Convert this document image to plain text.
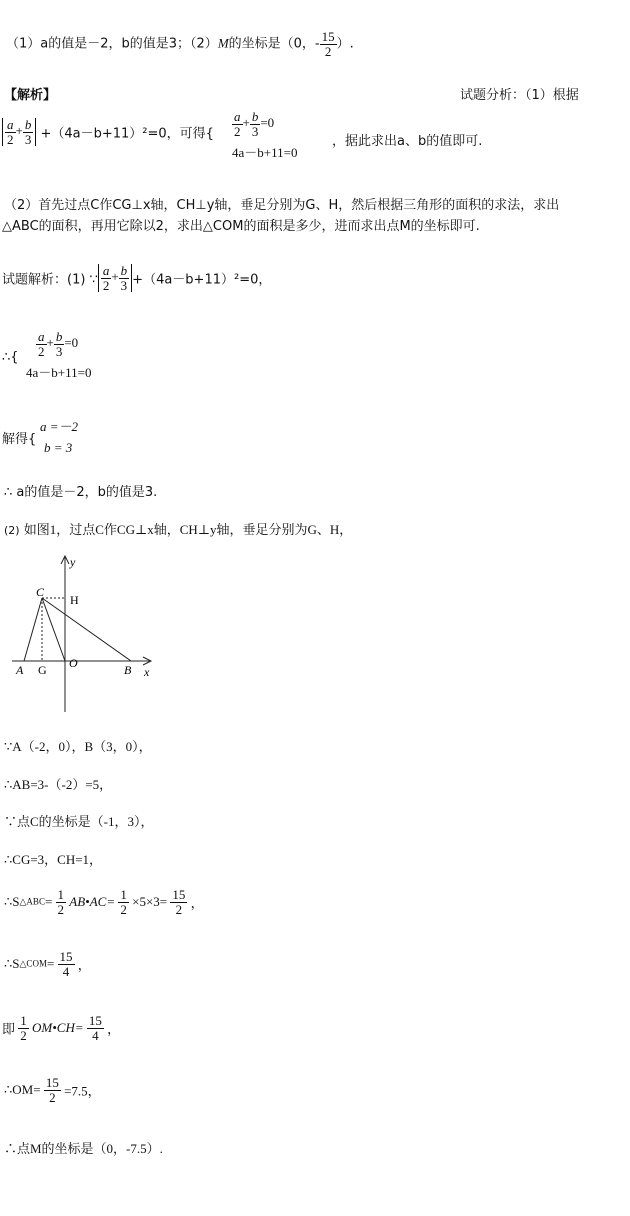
（1）a的值是－2，b的值是3；（2）M的坐标是（0，- $\frac{15}{2}$ ）.
【解析】	试题分析：（1）根据
$\frac{a}{2} + \frac{b}{3} +(4a-b+11)^2=0$，可得{ $\frac{a}{2} + \frac{b}{3} =0$
4a－b+11=0
，据此求出a、b的值即可.
（2）首先过点C作CG⊥x轴，CH⊥y轴，垂足分别为G、H，然后根据三角形的面积的求法，求出
△ABC的面积，再用它除以2，求出△COM的面积是多少，进而求出点M的坐标即可.
试题解析：(1) ∵ $\frac{a}{2} + \frac{b}{3} +(4a-b+11)^2=0$，
∴{ $\frac{a}{2} + \frac{b}{3} =0$
4a－b+11=0
解得{
a =－2
b = 3
∴ a的值是－2，b的值是3.
(2) 如图1，过点C作CG⊥x轴，CH⊥y轴，垂足分别为G、H，
y
x
C
H
A G O	B
∵A（-2，0），B（3，0），
∴AB=3-（-2）=5，
∵点C的坐标是（-1，3），
∴CG=3，CH=1，
∴S△ABC= $\frac{1}{2}$ AB•AC= $\frac{1}{2} \times 5\times 3= \frac{15}{2}$ ，
∴S△COM= $\frac{15}{4}$ ，
即 $\frac{1}{2}$ OM•CH= $\frac{15}{4}$ ，
∴OM= $\frac{15}{2} =7.5$，
∴点M的坐标是（0，-7.5）.
